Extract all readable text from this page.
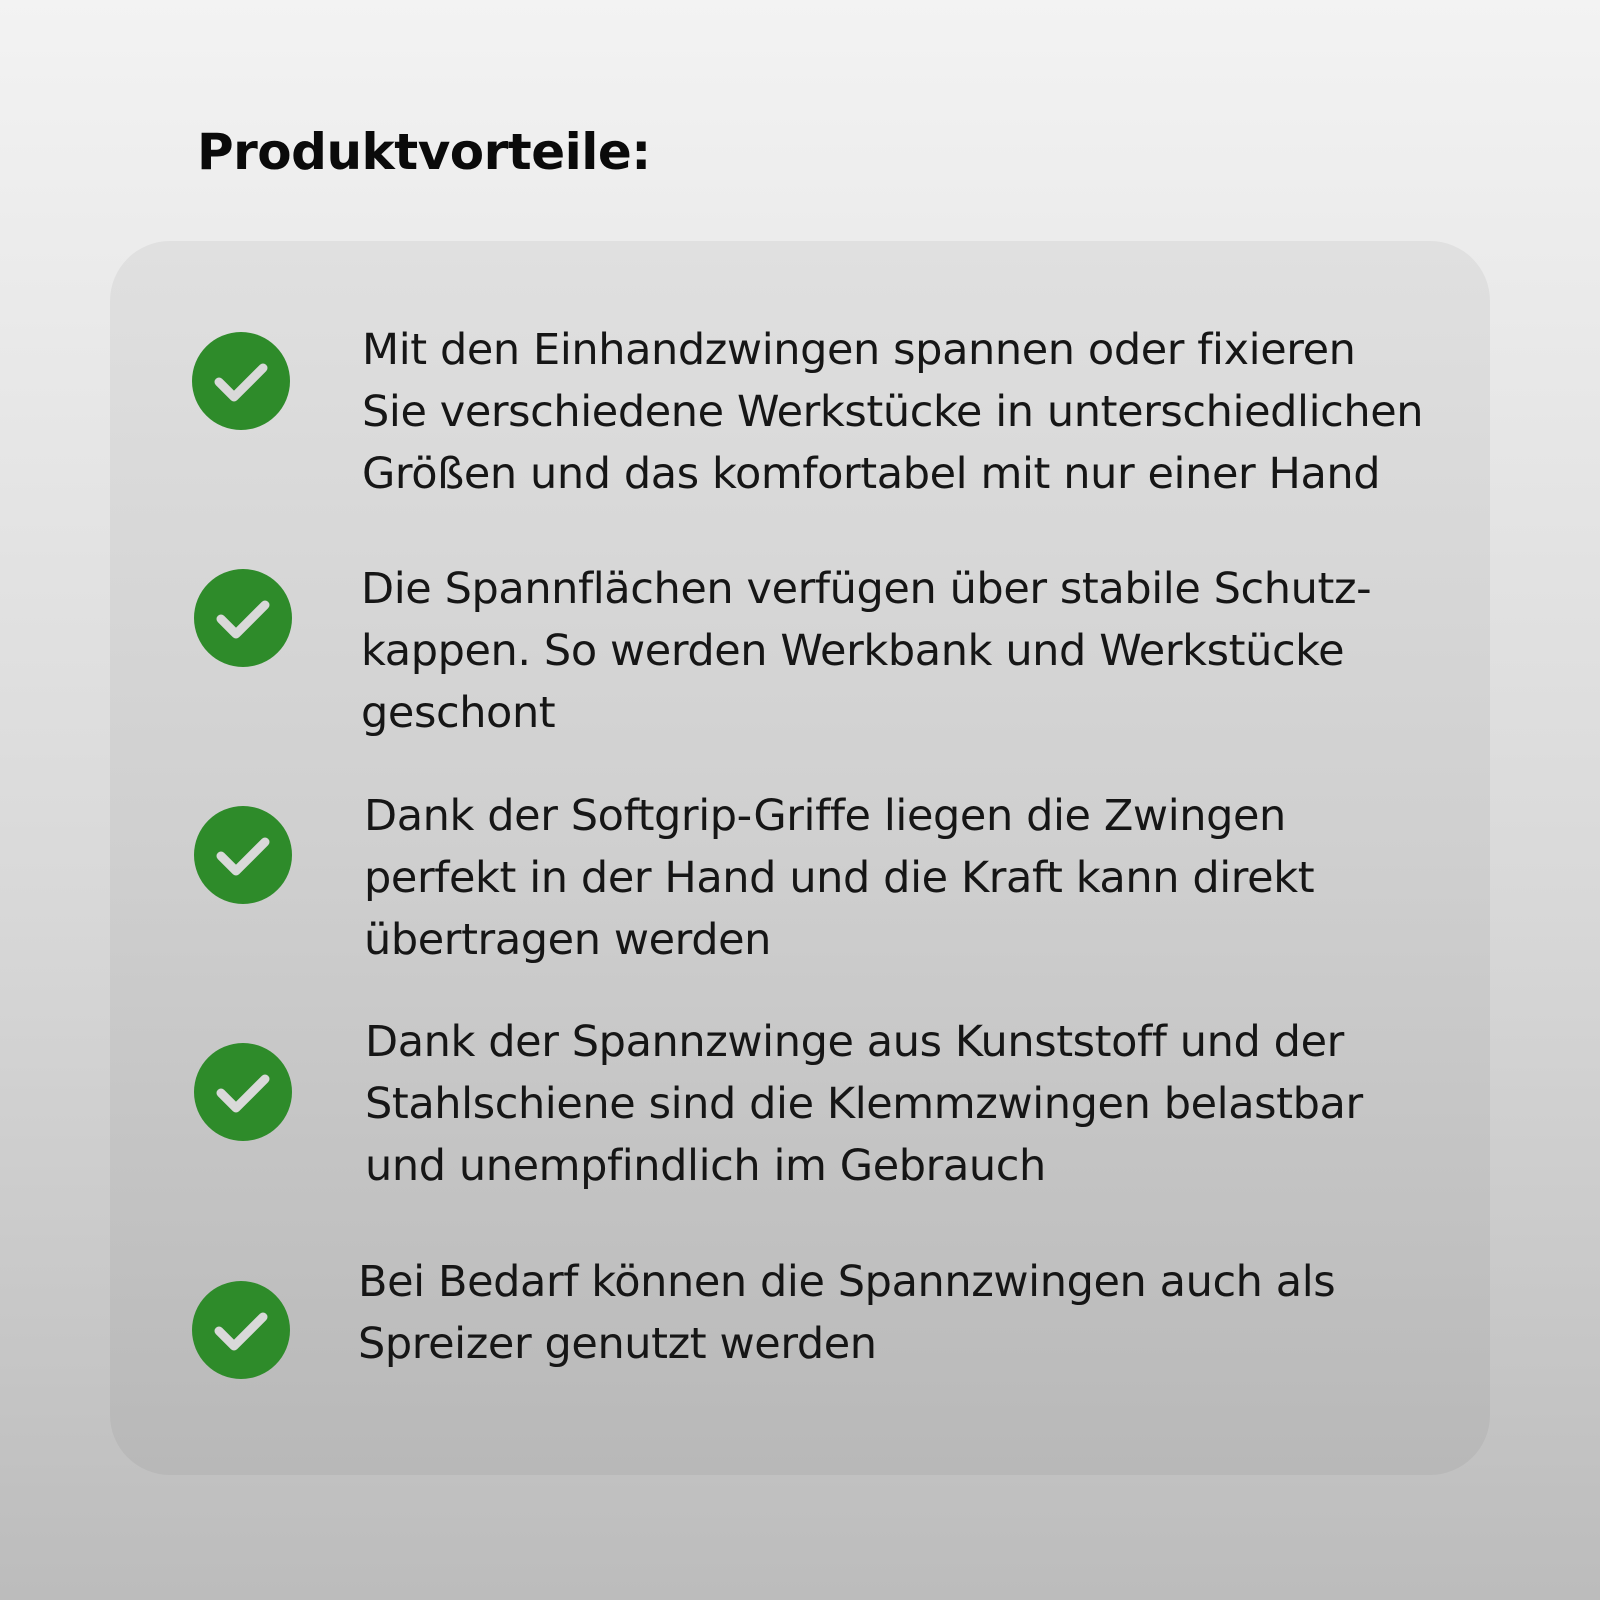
Produktvorteile:

Mit den Einhandzwingen spannen oder fixieren
Sie verschiedene Werkstücke in unterschiedlichen
Größen und das komfortabel mit nur einer Hand

Die Spannflächen verfügen über stabile Schutz-
kappen. So werden Werkbank und Werkstücke
geschont

Dank der Softgrip-Griffe liegen die Zwingen
perfekt in der Hand und die Kraft kann direkt
übertragen werden

Dank der Spannzwinge aus Kunststoff und der
Stahlschiene sind die Klemmzwingen belastbar
und unempfindlich im Gebrauch

Bei Bedarf können die Spannzwingen auch als
Spreizer genutzt werden
